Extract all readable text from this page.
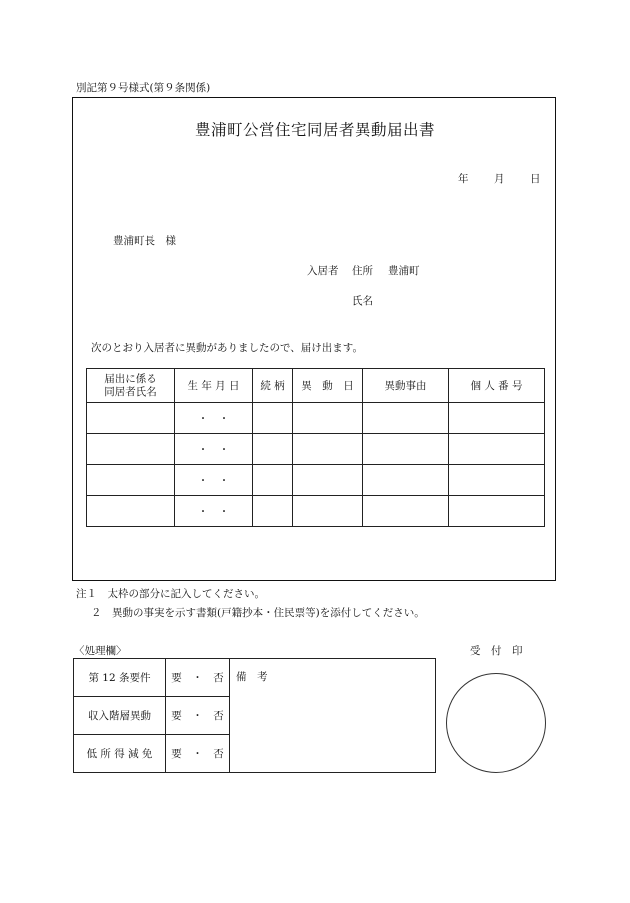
別記第９号様式(第９条関係)
豊浦町公営住宅同居者異動届出書
年 月 日
豊浦町長　様
入居者 住所 豊浦町
氏名
次のとおり入居者に異動がありましたので、届け出ます。
届出に係る
同居者氏名	生 年 月 日	続 柄	異　動　日	異動事由	個 人 番 号
	・　・				
	・　・				
	・　・				
	・　・				
注１　太枠の部分に記入してください。
２　異動の事実を示す書類(戸籍抄本・住民票等)を添付してください。
〈処理欄〉	受　付　印
第 12 条要件	要　・　否	備　考
収入階層異動	要　・　否	
低 所 得 減 免	要　・　否	
